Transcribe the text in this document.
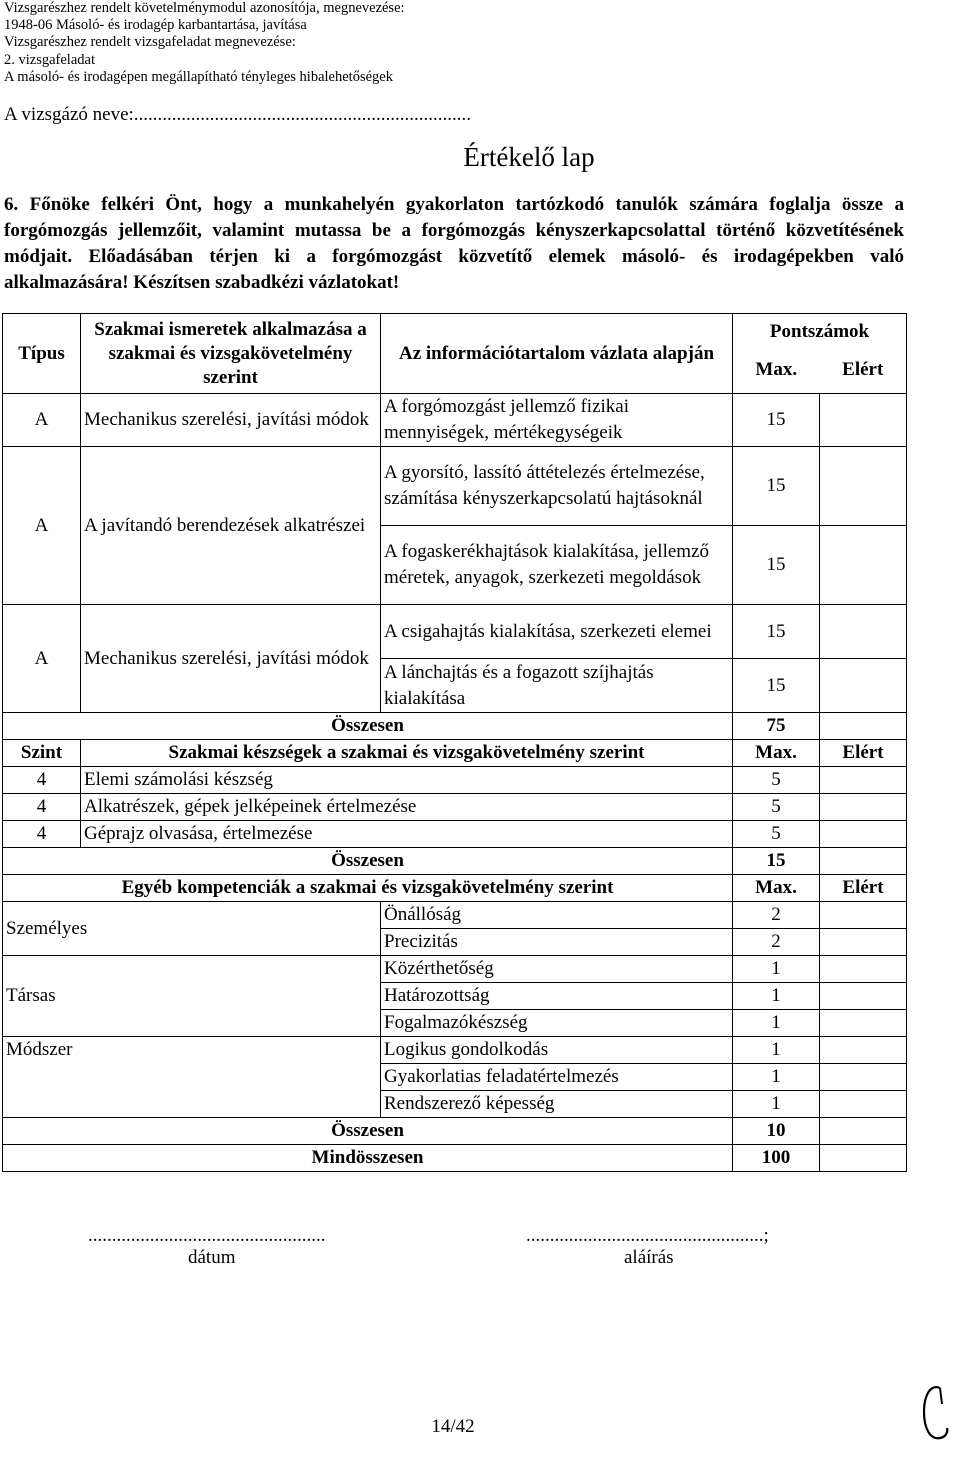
Vizsgarészhez rendelt követelménymodul azonosítója, megnevezése:
1948-06 Másoló- és irodagép karbantartása, javítása
Vizsgarészhez rendelt vizsgafeladat megnevezése:
2. vizsgafeladat
A másoló- és irodagépen megállapítható tényleges hibalehetőségek
A vizsgázó neve:.......................................................................
Értékelő lap
6. Főnöke felkéri Önt, hogy a munkahelyén gyakorlaton tartózkodó tanulók számára foglalja össze a forgómozgás jellemzőit, valamint mutassa be a forgómozgás kényszerkapcsolattal történő közvetítésének módjait. Előadásában térjen ki a forgómozgást közvetítő elemek másoló- és irodagépekben való alkalmazására! Készítsen szabadkézi vázlatokat!
Típus	Szakmai ismeretek alkalmazása a szakmai és vizsgakövetelmény szerint	Az információtartalom vázlata alapján	Pontszámok
Max. Elért	

A	Mechanikus szerelési, javítási módok	A forgómozgást jellemző fizikai mennyiségek, mértékegységeik	15	
A	A javítandó berendezések alkatrészei	A gyorsító, lassító áttételezés értelmezése, számítása kényszerkapcsolatú hajtásoknál	15	
		A fogaskerékhajtások kialakítása, jellemző méretek, anyagok, szerkezeti megoldások	15	
A	Mechanikus szerelési, javítási módok	A csigahajtás kialakítása, szerkezeti elemei	15	
		A lánchajtás és a fogazott szíjhajtás kialakítása	15	
Összesen			75	
Szint	Szakmai készségek a szakmai és vizsgakövetelmény szerint		Max.	Elért
4	Elemi számolási készség		5	
4	Alkatrészek, gépek jelképeinek értelmezése		5	
4	Géprajz olvasása, értelmezése		5	
Összesen			15	
Egyéb kompetenciák a szakmai és vizsgakövetelmény szerint			Max.	Elért
Személyes		Önállóság	2	
		Precizitás	2	
Társas		Közérthetőség	1	
		Határozottság	1	
		Fogalmazókészség	1	
Módszer		Logikus gondolkodás	1	
		Gyakorlatias feladatértelmezés	1	
		Rendszerező képesség	1	
Összesen			10	
Mindösszesen			100	
..................................................
dátum
..................................................;
aláírás
14/42
